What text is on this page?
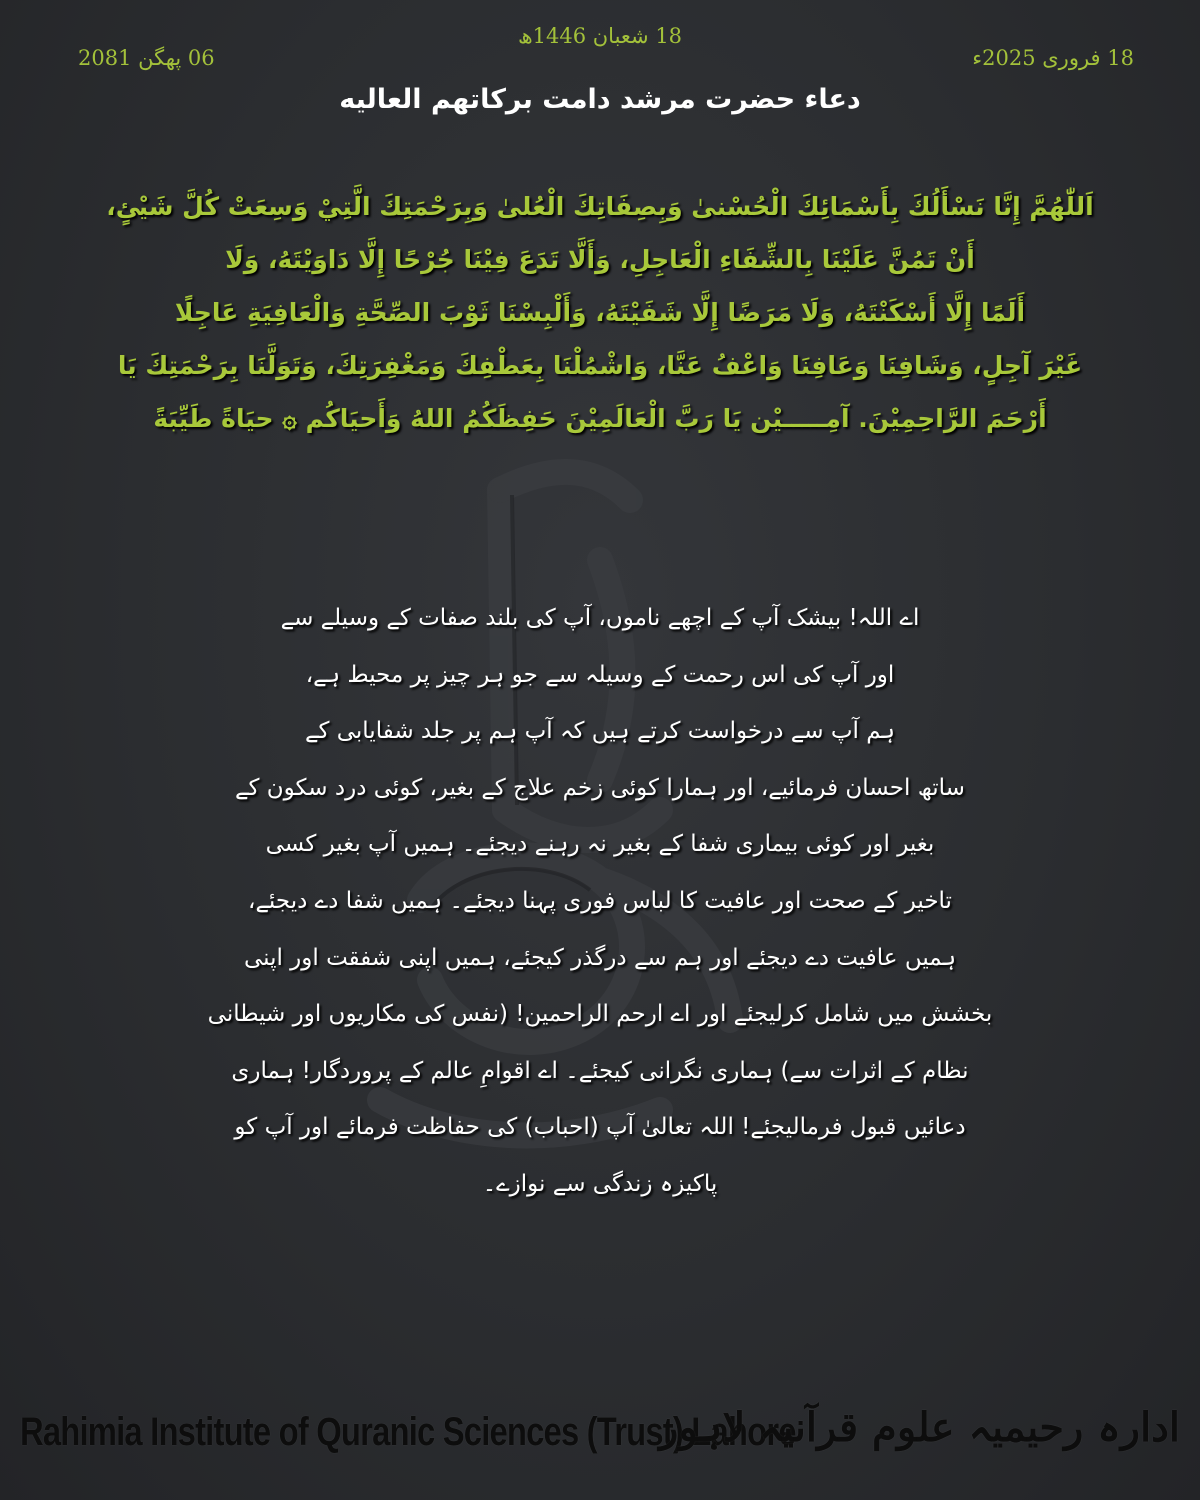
18 شعبان 1446ھ
18 فروری 2025ء
06 پھگن 2081
دعاء حضرت مرشد دامت برکاتهم العالیه
اَللّٰهُمَّ إِنَّا نَسْأَلُكَ بِأَسْمَائِكَ الْحُسْنىٰ وَبِصِفَاتِكَ الْعُلىٰ وَبِرَحْمَتِكَ الَّتِيْ وَسِعَتْ كُلَّ شَيْئٍ،
أَنْ تَمُنَّ عَلَيْنَا بِالشِّفَاءِ الْعَاجِلِ، وَأَلَّا تَدَعَ فِيْنَا جُرْحًا إِلَّا دَاوَيْتَهُ، وَلَا
أَلَمًا إِلَّا أَسْكَنْتَهُ، وَلَا مَرَضًا إِلَّا شَفَيْتَهُ، وَأَلْبِسْنَا ثَوْبَ الصِّحَّةِ وَالْعَافِيَةِ عَاجِلًا
غَيْرَ آجِلٍ، وَشَافِنَا وَعَافِنَا وَاعْفُ عَنَّا، وَاشْمُلْنَا بِعَطْفِكَ وَمَغْفِرَتِكَ، وَتَوَلَّنَا بِرَحْمَتِكَ يَا
أَرْحَمَ الرَّاحِمِيْنَ. آمِـــــيْن يَا رَبَّ الْعَالَمِيْنَ حَفِظَكُمُ اللهُ وَأَحيَاكُم ۞ حيَاةً طَيِّبَةً
اے اللہ! بیشک آپ کے اچھے ناموں، آپ کی بلند صفات کے وسیلے سے
اور آپ کی اس رحمت کے وسیلہ سے جو ہر چیز پر محیط ہے،
ہم آپ سے درخواست کرتے ہیں کہ آپ ہم پر جلد شفایابی کے
ساتھ احسان فرمائیے، اور ہمارا کوئی زخم علاج کے بغیر، کوئی درد سکون کے
بغیر اور کوئی بیماری شفا کے بغیر نہ رہنے دیجئے۔ ہمیں آپ بغیر کسی
تاخیر کے صحت اور عافیت کا لباس فوری پہنا دیجئے۔ ہمیں شفا دے دیجئے،
ہمیں عافیت دے دیجئے اور ہم سے درگذر کیجئے، ہمیں اپنی شفقت اور اپنی
بخشش میں شامل کرلیجئے اور اے ارحم الراحمین! (نفس کی مکاریوں اور شیطانی
نظام کے اثرات سے) ہماری نگرانی کیجئے۔ اے اقوامِ عالم کے پروردگار! ہماری
دعائیں قبول فرمالیجئے! اللہ تعالیٰ آپ (احباب) کی حفاظت فرمائے اور آپ کو
پاکیزہ زندگی سے نوازے۔
Rahimia Institute of Quranic Sciences (Trust) Lahore
ادارہ رحیمیہ علوم قرآنیہ لاہور
